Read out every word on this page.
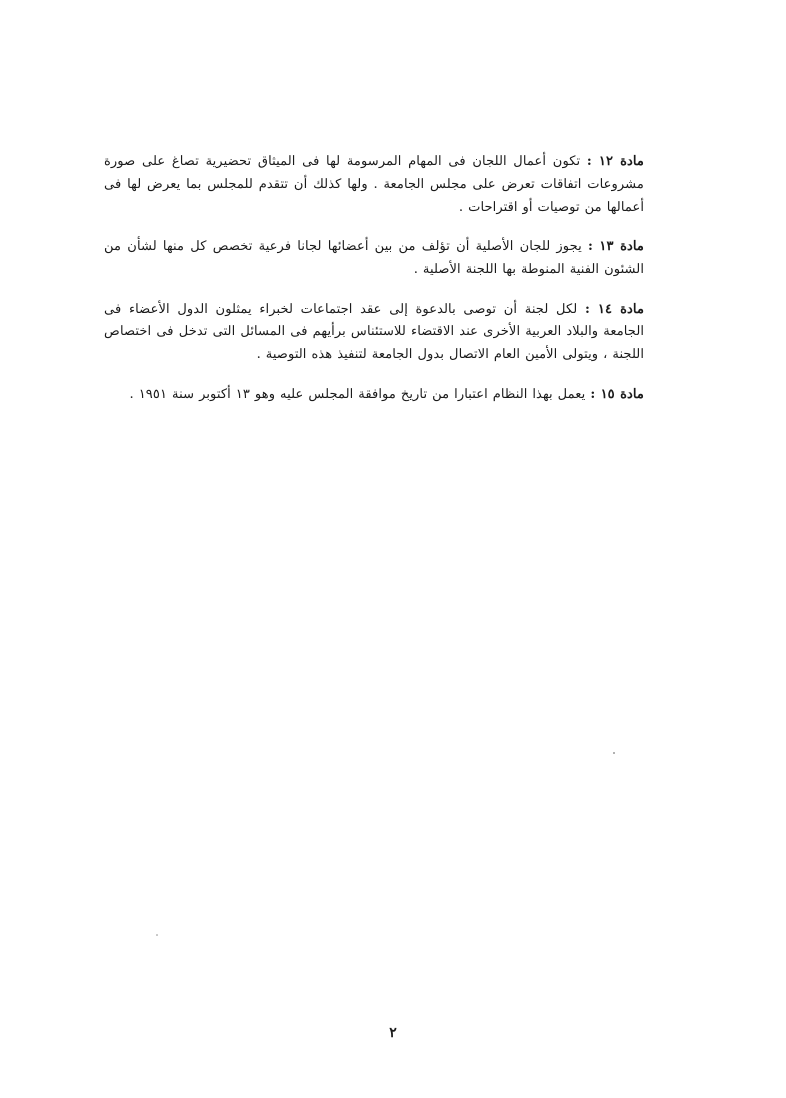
مادة ١٢ : تكون أعمال اللجان فى المهام المرسومة لها فى الميثاق تحضيرية تصاغ على صورة مشروعات اتفاقات تعرض على مجلس الجامعة . ولها كذلك أن تتقدم للمجلس بما يعرض لها فى أعمالها من توصيات أو اقتراحات .

مادة ١٣ : يجوز للجان الأصلية أن تؤلف من بين أعضائها لجانا فرعية تخصص كل منها لشأن من الشئون الفنية المنوطة بها اللجنة الأصلية .

مادة ١٤ : لكل لجنة أن توصى بالدعوة إلى عقد اجتماعات لخبراء يمثلون الدول الأعضاء فى الجامعة والبلاد العربية الأخرى عند الاقتضاء للاستئناس برأيهم فى المسائل التى تدخل فى اختصاص اللجنة ، ويتولى الأمين العام الاتصال بدول الجامعة لتنفيذ هذه التوصية .

مادة ١٥ : يعمل بهذا النظام اعتبارا من تاريخ موافقة المجلس عليه وهو ١٣ أكتوبر سنة ١٩٥١ .

٢
